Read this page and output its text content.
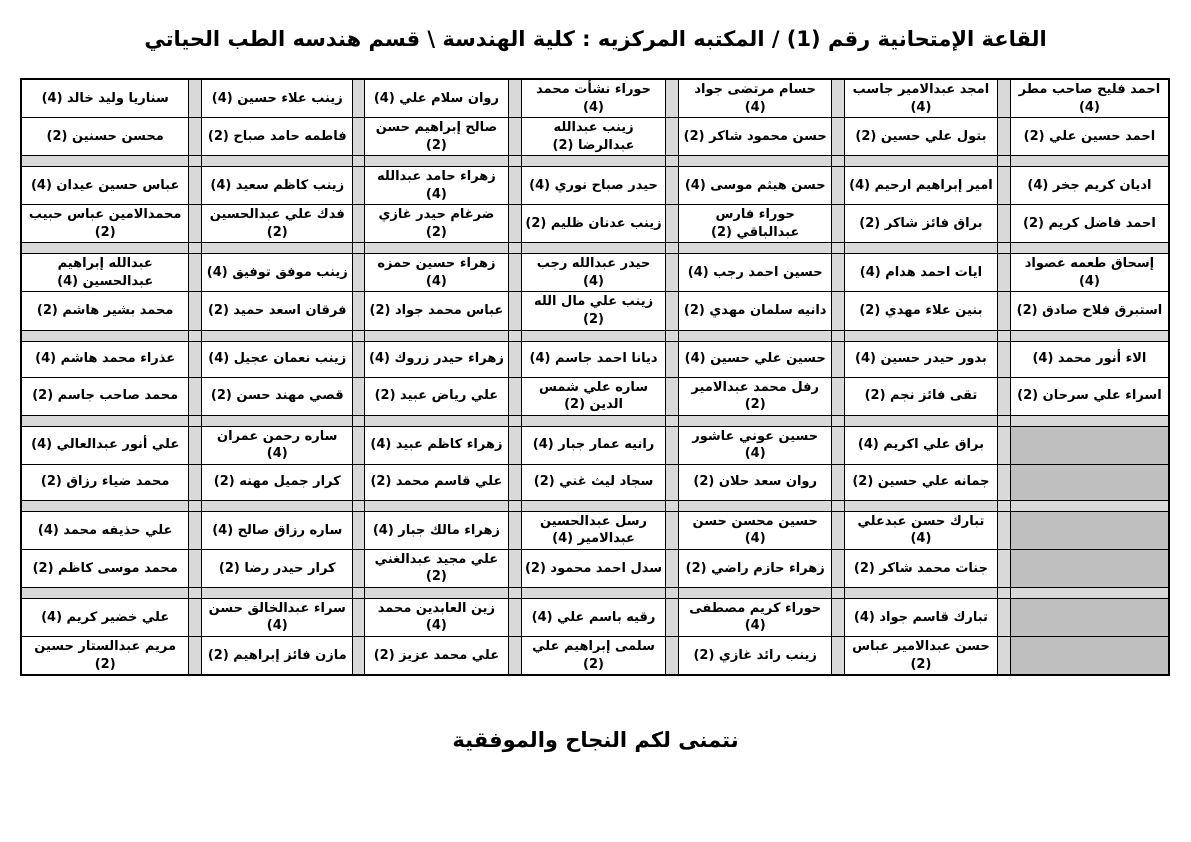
القاعة الإمتحانية رقم (1) / المكتبه المركزيه : كلية الهندسة \ قسم هندسه الطب الحياتي
احمد فليح صاحب مطر (4)		امجد عبدالامير جاسب (4)		حسام مرتضى جواد (4)		حوراء نشأت محمد (4)		روان سلام علي (4)		زينب علاء حسين (4)		سناريا وليد خالد (4)
احمد حسين علي (2)		بتول علي حسين (2)		حسن محمود شاكر (2)		زينب عبدالله عبدالرضا (2)		صالح إبراهيم حسن (2)		فاطمه حامد صباح (2)		محسن حسنين (2)

اديان كريم جخر (4)		امير إبراهيم ارحيم (4)		حسن هيثم موسى (4)		حيدر صباح نوري (4)		زهراء حامد عبدالله (4)		زينب كاظم سعيد (4)		عباس حسين عيدان (4)
احمد فاضل كريم (2)		براق فائز شاكر (2)		حوراء فارس عبدالباقي (2)		زينب عدنان ظليم (2)		ضرغام حيدر غازي (2)		فدك علي عبدالحسين (2)		محمدالامين عباس حبيب (2)

إسحاق طعمه عصواد (4)		ايات احمد هدام (4)		حسين احمد رجب (4)		حيدر عبدالله رجب (4)		زهراء حسين حمزه (4)		زينب موفق توفيق (4)		عبدالله إبراهيم عبدالحسين (4)
استبرق فلاح صادق (2)		بنين علاء مهدي (2)		دانيه سلمان مهدي (2)		زينب علي مال الله (2)		عباس محمد جواد (2)		فرقان اسعد حميد (2)		محمد بشير هاشم (2)

الاء أنور محمد (4)		بدور حيدر حسين (4)		حسين علي حسين (4)		ديانا احمد جاسم (4)		زهراء حيدر زروك (4)		زينب نعمان عجيل (4)		عذراء محمد هاشم (4)
اسراء علي سرحان (2)		تقى فائز نجم (2)		رفل محمد عبدالامير (2)		ساره علي شمس الدين (2)		علي رياض عبيد (2)		قصي مهند حسن (2)		محمد صاحب جاسم (2)

		براق علي اكريم (4)		حسين عوني عاشور (4)		رانيه عمار جبار (4)		زهراء كاظم عبيد (4)		ساره رحمن عمران (4)		علي أنور عبدالعالي (4)
		جمانه علي حسين (2)		روان سعد حلان (2)		سجاد ليث غني (2)		علي قاسم محمد (2)		كرار جميل مهنه (2)		محمد ضياء رزاق (2)

		تبارك حسن عبدعلي (4)		حسين محسن حسن (4)		رسل عبدالحسين عبدالامير (4)		زهراء مالك جبار (4)		ساره رزاق صالح (4)		علي حذيفه محمد (4)
		جنات محمد شاكر (2)		زهراء حازم راضي (2)		سدل احمد محمود (2)		علي مجيد عبدالغني (2)		كرار حيدر رضا (2)		محمد موسى كاظم (2)

		تبارك قاسم جواد (4)		حوراء كريم مصطفى (4)		رقيه باسم علي (4)		زين العابدين محمد (4)		سراء عبدالخالق حسن (4)		علي خضير كريم (4)
		حسن عبدالامير عباس (2)		زينب رائد غازي (2)		سلمى إبراهيم علي (2)		علي محمد عزيز (2)		مازن فائز إبراهيم (2)		مريم عبدالستار حسين (2)
نتمنى لكم النجاح والموفقية
